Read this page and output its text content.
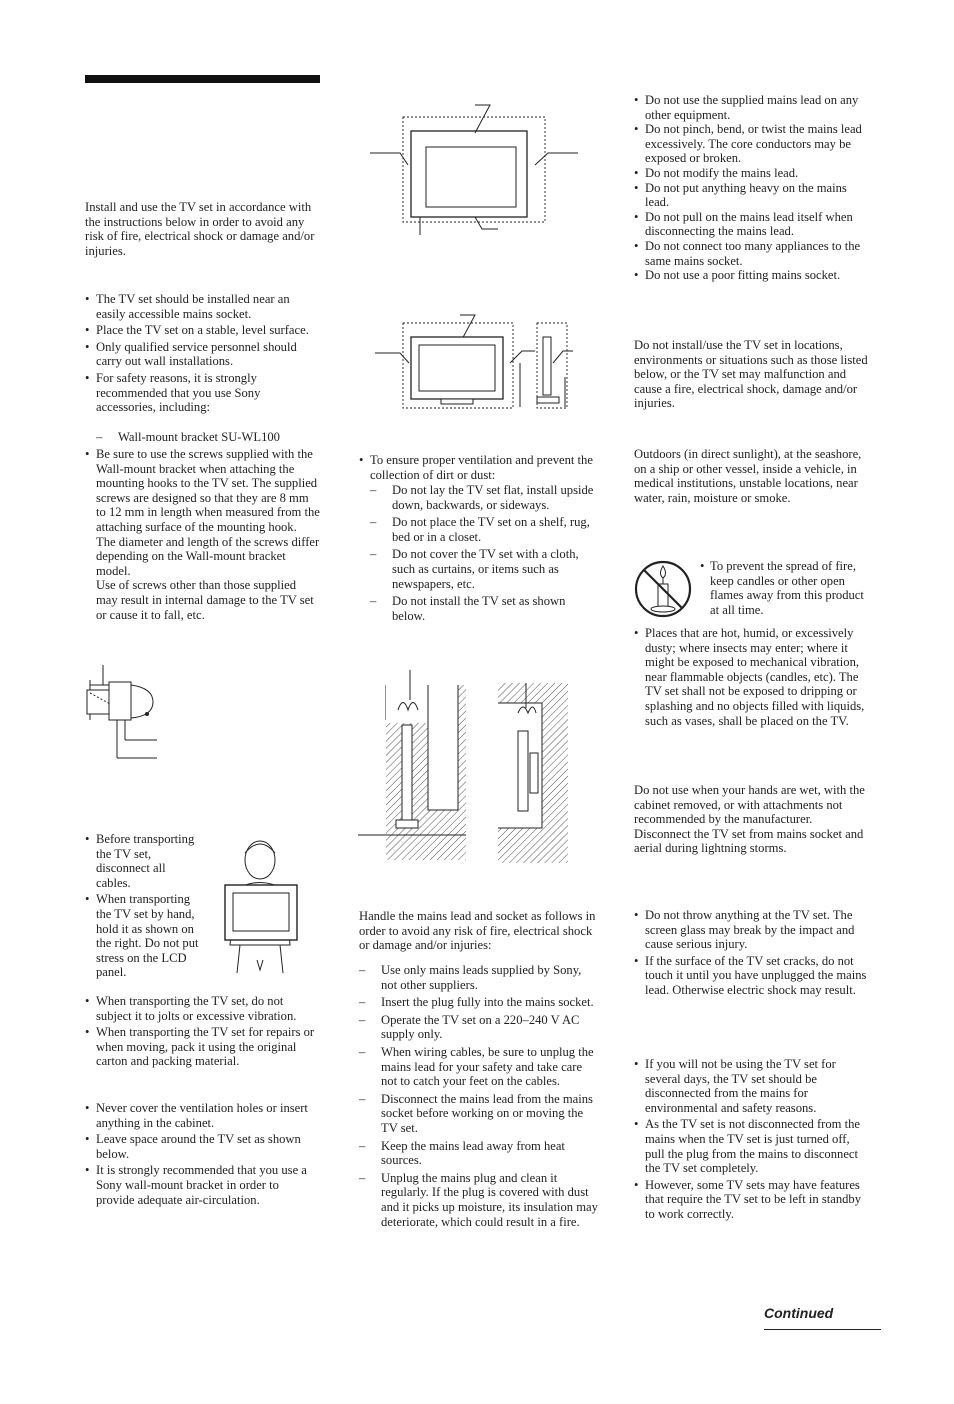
Install and use the TV set in accordance with the instructions below in order to avoid any risk of fire, electrical shock or damage and/or injuries.

• The TV set should be installed near an easily accessible mains socket.
• Place the TV set on a stable, level surface.
• Only qualified service personnel should carry out wall installations.
• For safety reasons, it is strongly recommended that you use Sony accessories, including:
– Wall-mount bracket SU-WL100
• Be sure to use the screws supplied with the Wall-mount bracket when attaching the mounting hooks to the TV set. The supplied screws are designed so that they are 8 mm to 12 mm in length when measured from the attaching surface of the mounting hook.
The diameter and length of the screws differ depending on the Wall-mount bracket model.
Use of screws other than those supplied may result in internal damage to the TV set or cause it to fall, etc.
• Before transporting the TV set, disconnect all cables.
• When transporting the TV set by hand, hold it as shown on the right. Do not put stress on the LCD panel.
• When transporting the TV set, do not subject it to jolts or excessive vibration.
• When transporting the TV set for repairs or when moving, pack it using the original carton and packing material.
• Never cover the ventilation holes or insert anything in the cabinet.
• Leave space around the TV set as shown below.
• It is strongly recommended that you use a Sony wall-mount bracket in order to provide adequate air-circulation.
• To ensure proper ventilation and prevent the collection of dirt or dust:
– Do not lay the TV set flat, install upside down, backwards, or sideways.
– Do not place the TV set on a shelf, rug, bed or in a closet.
– Do not cover the TV set with a cloth, such as curtains, or items such as newspapers, etc.
– Do not install the TV set as shown below.

Handle the mains lead and socket as follows in order to avoid any risk of fire, electrical shock or damage and/or injuries:

– Use only mains leads supplied by Sony, not other suppliers.
– Insert the plug fully into the mains socket.
– Operate the TV set on a 220–240 V AC supply only.
– When wiring cables, be sure to unplug the mains lead for your safety and take care not to catch your feet on the cables.
– Disconnect the mains lead from the mains socket before working on or moving the TV set.
– Keep the mains lead away from heat sources.
– Unplug the mains plug and clean it regularly. If the plug is covered with dust and it picks up moisture, its insulation may deteriorate, which could result in a fire.
• Do not use the supplied mains lead on any other equipment.
• Do not pinch, bend, or twist the mains lead excessively. The core conductors may be exposed or broken.
• Do not modify the mains lead.
• Do not put anything heavy on the mains lead.
• Do not pull on the mains lead itself when disconnecting the mains lead.
• Do not connect too many appliances to the same mains socket.
• Do not use a poor fitting mains socket.

Do not install/use the TV set in locations, environments or situations such as those listed below, or the TV set may malfunction and cause a fire, electrical shock, damage and/or injuries.

Outdoors (in direct sunlight), at the seashore, on a ship or other vessel, inside a vehicle, in medical institutions, unstable locations, near water, rain, moisture or smoke.

• To prevent the spread of fire, keep candles or other open flames away from this product at all time.
• Places that are hot, humid, or excessively dusty; where insects may enter; where it might be exposed to mechanical vibration, near flammable objects (candles, etc). The TV set shall not be exposed to dripping or splashing and no objects filled with liquids, such as vases, shall be placed on the TV.

Do not use when your hands are wet, with the cabinet removed, or with attachments not recommended by the manufacturer. Disconnect the TV set from mains socket and aerial during lightning storms.

• Do not throw anything at the TV set. The screen glass may break by the impact and cause serious injury.
• If the surface of the TV set cracks, do not touch it until you have unplugged the mains lead. Otherwise electric shock may result.
• If you will not be using the TV set for several days, the TV set should be disconnected from the mains for environmental and safety reasons.
• As the TV set is not disconnected from the mains when the TV set is just turned off, pull the plug from the mains to disconnect the TV set completely.
• However, some TV sets may have features that require the TV set to be left in standby to work correctly.
Continued
